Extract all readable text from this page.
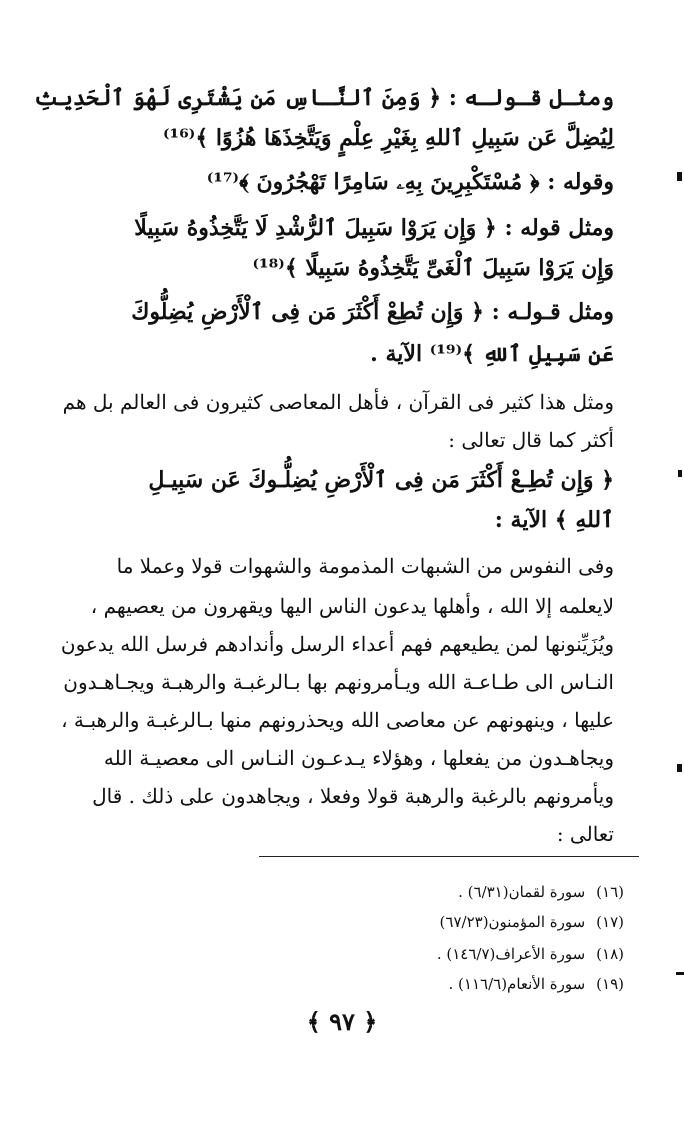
ومثـل قـولـه : ﴿ وَمِنَ ٱلنَّـاسِ مَن يَشْتَرِى لَهْوَ ٱلْحَدِيثِ
لِيُضِلَّ عَن سَبِيلِ ٱللهِ بِغَيْرِ عِلْمٍ وَيَتَّخِذَهَا هُزُوًا ﴾⁽¹⁶⁾
وقوله : ﴿ مُسْتَكْبِرِينَ بِهِۦ سَامِرًا تَهْجُرُونَ ﴾⁽¹⁷⁾
ومثل قوله : ﴿ وَإِن يَرَوْا سَبِيلَ ٱلرُّشْدِ لَا يَتَّخِذُوهُ سَبِيلًا
وَإِن يَرَوْا سَبِيلَ ٱلْغَىِّ يَتَّخِذُوهُ سَبِيلًا ﴾⁽¹⁸⁾
ومثل قـولـه : ﴿ وَإِن تُطِعْ أَكْثَرَ مَن فِى ٱلْأَرْضِ يُضِلُّوكَ
عَن سَبِيلِ ٱللهِ ﴾⁽¹⁹⁾ الآية .
ومثل هذا كثير فى القرآن ، فأهل المعاصى كثيرون فى العالم بل هم
أكثر كما قال تعالى :
﴿ وَإِن تُطِـعْ أَكْثَرَ مَن فِى ٱلْأَرْضِ يُضِلُّـوكَ عَن سَبِيـلِ
ٱللهِ ﴾ الآية :
وفى النفوس من الشبهات المذمومة والشهوات قولا وعملا ما
لايعلمه إلا الله ، وأهلها يدعون الناس اليها ويقهرون من يعصيهم ،
ويُزَيِّنونها لمن يطيعهم فهم أعداء الرسل وأندادهم فرسل الله يدعون
النـاس الى طـاعـة الله ويـأمرونهم بها بـالرغبـة والرهبـة ويجـاهـدون
عليها ، وينهونهم عن معاصى الله ويحذرونهم منها بـالرغبـة والرهبـة ،
ويجاهـدون من يفعلها ، وهؤلاء يـدعـون النـاس الى معصيـة الله
ويأمرونهم بالرغبة والرهبة قولا وفعلا ، ويجاهدون على ذلك . قال
تعالى :
(١٦) سورة لقمان(٦/٣١) .
(١٧) سورة المؤمنون(٦٧/٢٣)
(١٨) سورة الأعراف(١٤٦/٧) .
(١٩) سورة الأنعام(١١٦/٦) .
﴿ ٩٧ ﴾
